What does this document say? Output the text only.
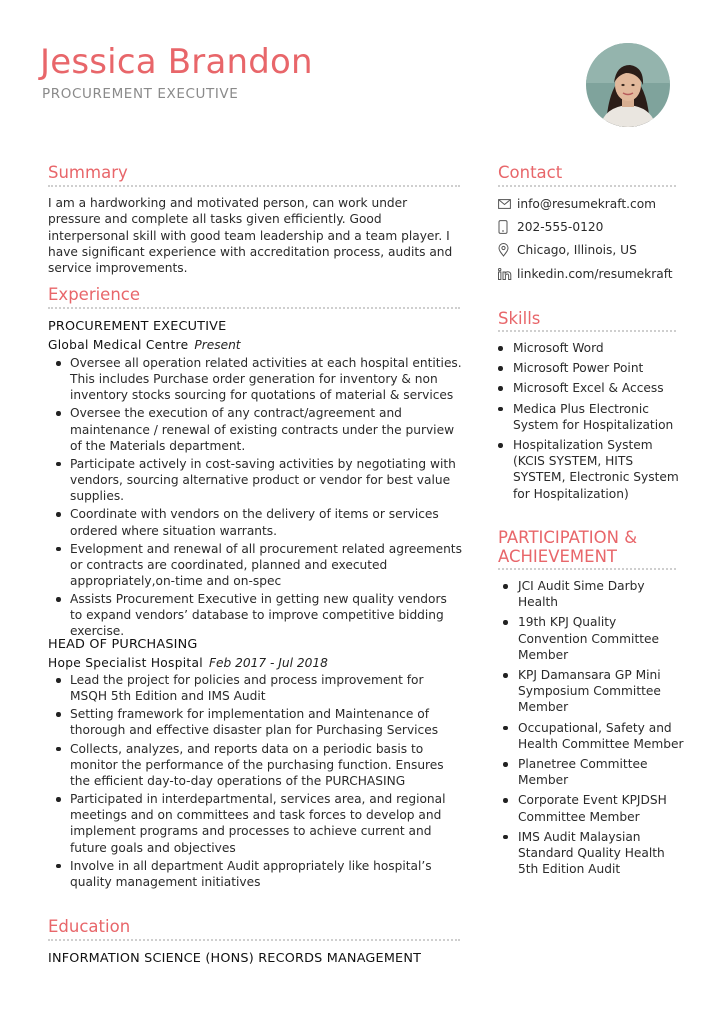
Jessica Brandon
PROCUREMENT EXECUTIVE
Summary
I am a hardworking and motivated person, can work under pressure and complete all tasks given efficiently. Good interpersonal skill with good team leadership and a team player. I have significant experience with accreditation process, audits and service improvements.
Experience
PROCUREMENT EXECUTIVE
Global Medical Centre Present
Oversee all operation related activities at each hospital entities. This includes Purchase order generation for inventory & non inventory stocks sourcing for quotations of material & services
Oversee the execution of any contract/agreement and maintenance / renewal of existing contracts under the purview of the Materials department.
Participate actively in cost-saving activities by negotiating with vendors, sourcing alternative product or vendor for best value supplies.
Coordinate with vendors on the delivery of items or services ordered where situation warrants.
Evelopment and renewal of all procurement related agreements or contracts are coordinated, planned and executed appropriately,on-time and on-spec
Assists Procurement Executive in getting new quality vendors to expand vendors’ database to improve competitive bidding exercise.
HEAD OF PURCHASING
Hope Specialist Hospital Feb 2017 - Jul 2018
Lead the project for policies and process improvement for MSQH 5th Edition and IMS Audit
Setting framework for implementation and Maintenance of thorough and effective disaster plan for Purchasing Services
Collects, analyzes, and reports data on a periodic basis to monitor the performance of the purchasing function. Ensures the efficient day-to-day operations of the PURCHASING
Participated in interdepartmental, services area, and regional meetings and on committees and task forces to develop and implement programs and processes to achieve current and future goals and objectives
Involve in all department Audit appropriately like hospital’s quality management initiatives
Education
INFORMATION SCIENCE (HONS) RECORDS MANAGEMENT
Contact
info@resumekraft.com
202-555-0120
Chicago, Illinois, US
linkedin.com/resumekraft
Skills
Microsoft Word
Microsoft Power Point
Microsoft Excel & Access
Medica Plus Electronic System for Hospitalization
Hospitalization System (KCIS SYSTEM, HITS SYSTEM, Electronic System for Hospitalization)
PARTICIPATION &
ACHIEVEMENT
JCI Audit Sime Darby Health
19th KPJ Quality Convention Committee Member
KPJ Damansara GP Mini Symposium Committee Member
Occupational, Safety and Health Committee Member
Planetree Committee Member
Corporate Event KPJDSH Committee Member
IMS Audit Malaysian Standard Quality Health 5th Edition Audit
